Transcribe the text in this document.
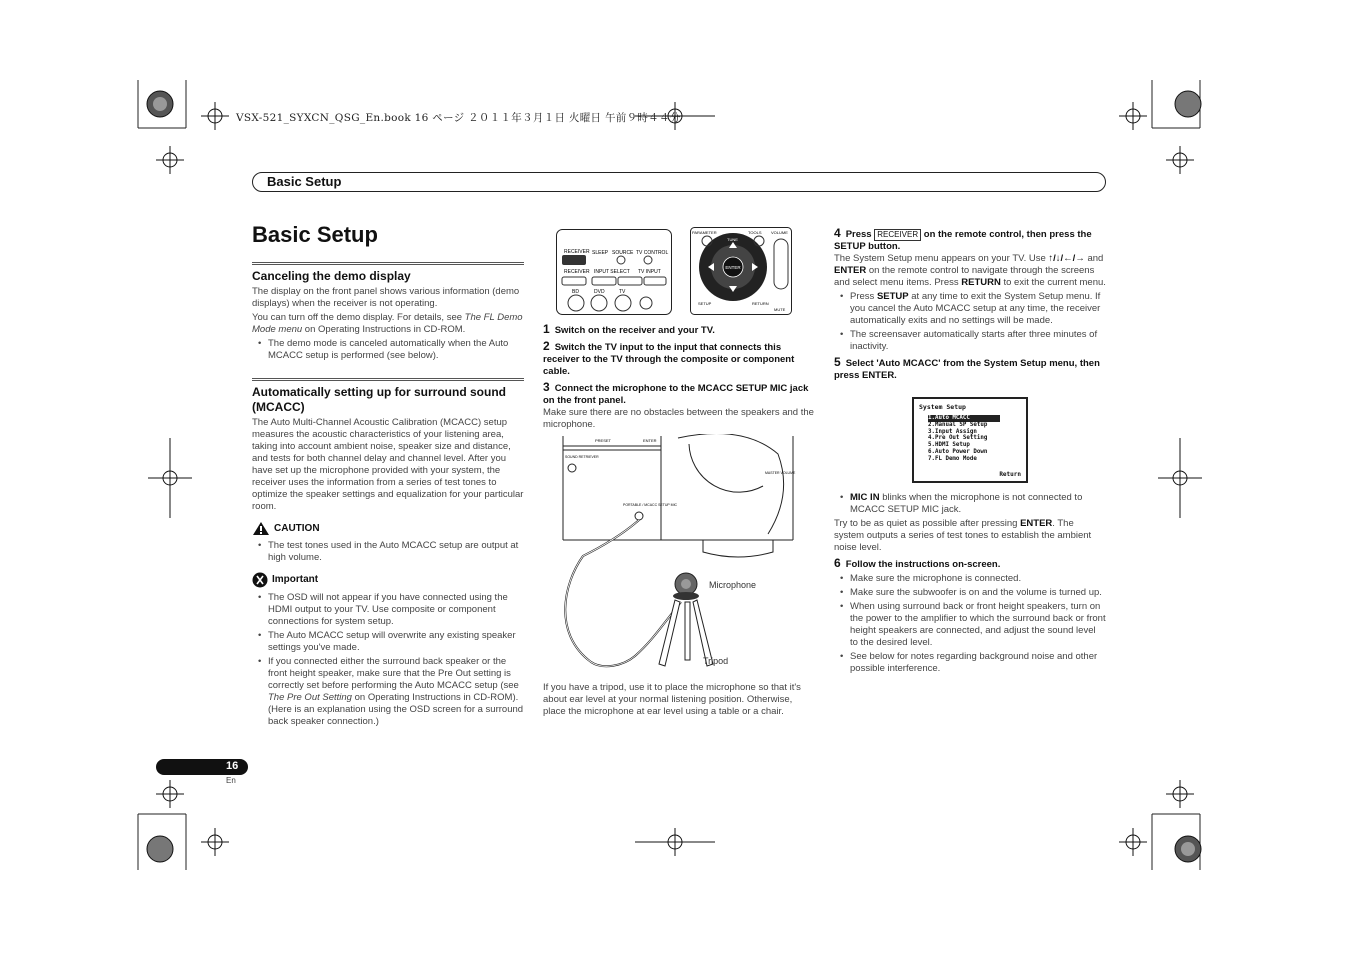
VSX-521_SYXCN_QSG_En.book 16 ページ ２０１１年３月１日 火曜日 午前９時４４分
Basic Setup
Basic Setup
Canceling the demo display

The display on the front panel shows various information (demo displays) when the receiver is not operating.

You can turn off the demo display. For details, see The FL Demo Mode menu on Operating Instructions in CD-ROM.

• The demo mode is canceled automatically when the Auto MCACC setup is performed (see below).
Automatically setting up for surround sound (MCACC)

The Auto Multi-Channel Acoustic Calibration (MCACC) setup measures the acoustic characteristics of your listening area, taking into account ambient noise, speaker size and distance, and tests for both channel delay and channel level. After you have set up the microphone provided with your system, the receiver uses the information from a series of test tones to optimize the speaker settings and equalization for your particular room.

CAUTION
• The test tones used in the Auto MCACC setup are output at high volume.
Important
• The OSD will not appear if you have connected using the HDMI output to your TV. Use composite or component connections for system setup.
• The Auto MCACC setup will overwrite any existing speaker settings you've made.
• If you connected either the surround back speaker or the front height speaker, make sure that the Pre Out setting is correctly set before performing the Auto MCACC setup (see The Pre Out Setting on Operating Instructions in CD-ROM). (Here is an explanation using the OSD screen for a surround back speaker connection.)
RECEIVER SLEEP SOURCE TV CONTROL
RECEIVER INPUT SELECT TV INPUT
BD	DVD	TV
ENTER
PARAMETER	TOOLS VOLUME
TUNE
SETUP	RETURN
MUTE
1 Switch on the receiver and your TV.
2 Switch the TV input to the input that connects this receiver to the TV through the composite or component cable.
3 Connect the microphone to the MCACC SETUP MIC jack on the front panel.

Make sure there are no obstacles between the speakers and the microphone.

PRESET	ENTER
SOUND RETRIEVER
MASTER VOLUME
PORTABLE / MCACC SETUP MIC
Microphone
Tripod

If you have a tripod, use it to place the microphone so that it's about ear level at your normal listening position. Otherwise, place the microphone at ear level using a table or a chair.

4 Press RECEIVER on the remote control, then press the SETUP button.

The System Setup menu appears on your TV. Use ↑/↓/←/→ and ENTER on the remote control to navigate through the screens and select menu items. Press RETURN to exit the current menu.

• Press SETUP at any time to exit the System Setup menu. If you cancel the Auto MCACC setup at any time, the receiver automatically exits and no settings will be made.
• The screensaver automatically starts after three minutes of inactivity.
5 Select 'Auto MCACC' from the System Setup menu, then press ENTER.
System Setup
1.Auto MCACC
2.Manual SP Setup
3.Input Assign
4.Pre Out Setting
5.HDMI Setup
6.Auto Power Down
7.FL Demo Mode
Return
• MIC IN blinks when the microphone is not connected to MCACC SETUP MIC jack.

Try to be as quiet as possible after pressing ENTER. The system outputs a series of test tones to establish the ambient noise level.

6 Follow the instructions on-screen.
• Make sure the microphone is connected.
• Make sure the subwoofer is on and the volume is turned up.
• When using surround back or front height speakers, turn on the power to the amplifier to which the surround back or front height speakers are connected, and adjust the sound level to the desired level.
• See below for notes regarding background noise and other possible interference.
16
En
